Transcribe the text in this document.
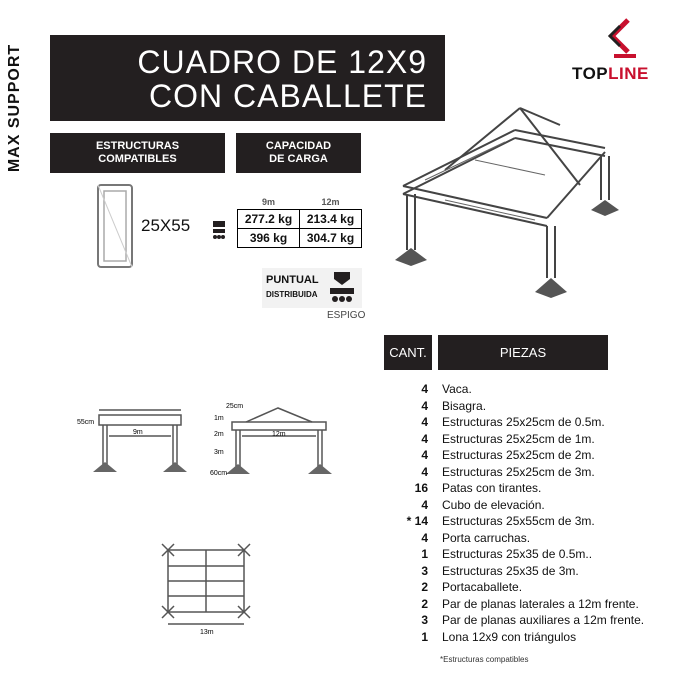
MAX SUPPORT	CUADRO DE 12X9
CON CABALLETE
TOPLINE
ESTRUCTURAS
COMPATIBLES
CAPACIDAD
DE CARGA
25X55
9m	12m
277.2 kg	213.4 kg
396 kg	304.7 kg
PUNTUAL
DISTRIBUIDA
ESPIGO
55cm
9m
25cm
1m
2m
3m
60cm
12m
13m
CANT.	PIEZAS
4	Vaca.
4	Bisagra.
4	Estructuras 25x25cm de 0.5m.
4	Estructuras 25x25cm de 1m.
4	Estructuras 25x25cm de 2m.
4	Estructuras 25x25cm de 3m.
16	Patas con tirantes.
4	Cubo de elevación.
* 14	Estructuras 25x55cm de 3m.
4	Porta carruchas.
1	Estructuras 25x35 de 0.5m..
3	Estructuras 25x35 de 3m.
2	Portacaballete.
2	Par de planas laterales a 12m frente.
3	Par de planas auxiliares a 12m frente.
1	Lona 12x9 con triángulos
*Estructuras compatibles
